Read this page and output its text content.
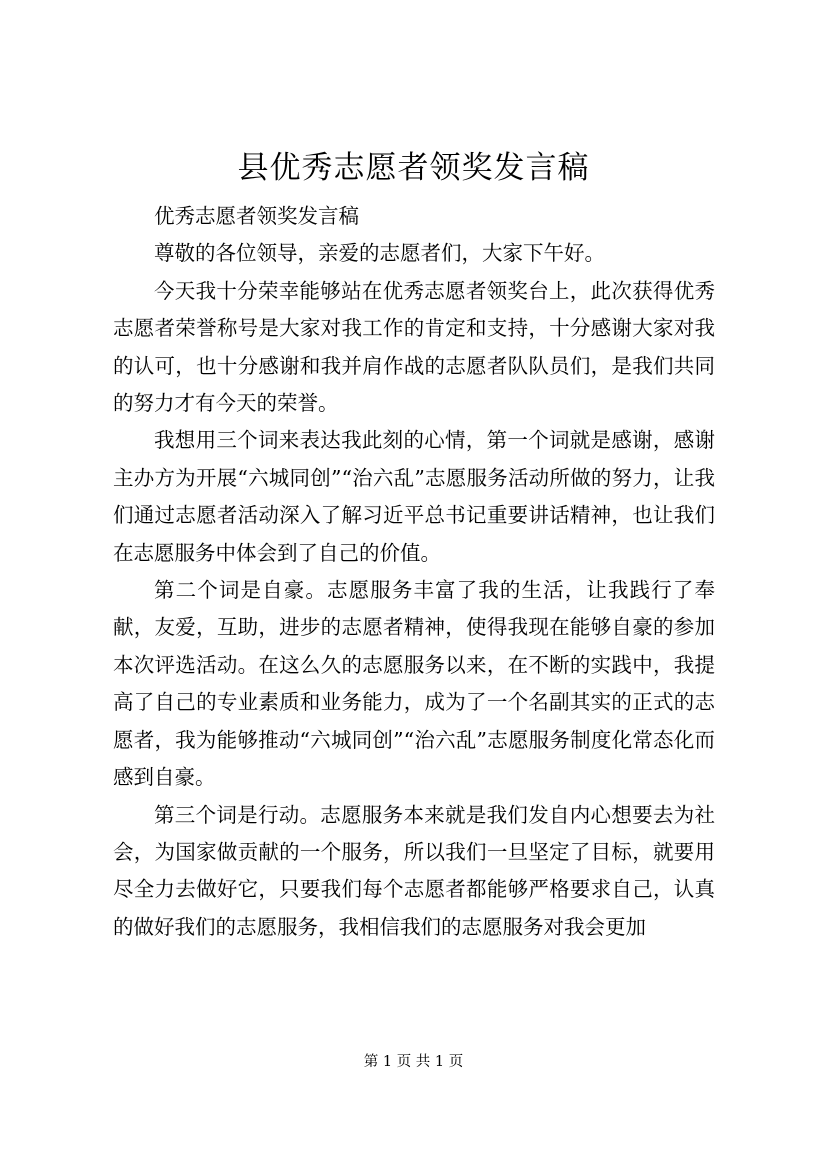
县优秀志愿者领奖发言稿

优秀志愿者领奖发言稿

尊敬的各位领导，亲爱的志愿者们，大家下午好。

今天我十分荣幸能够站在优秀志愿者领奖台上，此次获得优秀志愿者荣誉称号是大家对我工作的肯定和支持，十分感谢大家对我的认可，也十分感谢和我并肩作战的志愿者队队员们，是我们共同的努力才有今天的荣誉。

我想用三个词来表达我此刻的心情，第一个词就是感谢，感谢主办方为开展“六城同创”“治六乱”志愿服务活动所做的努力，让我们通过志愿者活动深入了解习近平总书记重要讲话精神，也让我们在志愿服务中体会到了自己的价值。

第二个词是自豪。志愿服务丰富了我的生活，让我践行了奉献，友爱，互助，进步的志愿者精神，使得我现在能够自豪的参加本次评选活动。在这么久的志愿服务以来，在不断的实践中，我提高了自己的专业素质和业务能力，成为了一个名副其实的正式的志愿者，我为能够推动“六城同创”“治六乱”志愿服务制度化常态化而感到自豪。

第三个词是行动。志愿服务本来就是我们发自内心想要去为社会，为国家做贡献的一个服务，所以我们一旦坚定了目标，就要用尽全力去做好它，只要我们每个志愿者都能够严格要求自己，认真的做好我们的志愿服务，我相信我们的志愿服务对我会更加

第 1 页 共 1 页
